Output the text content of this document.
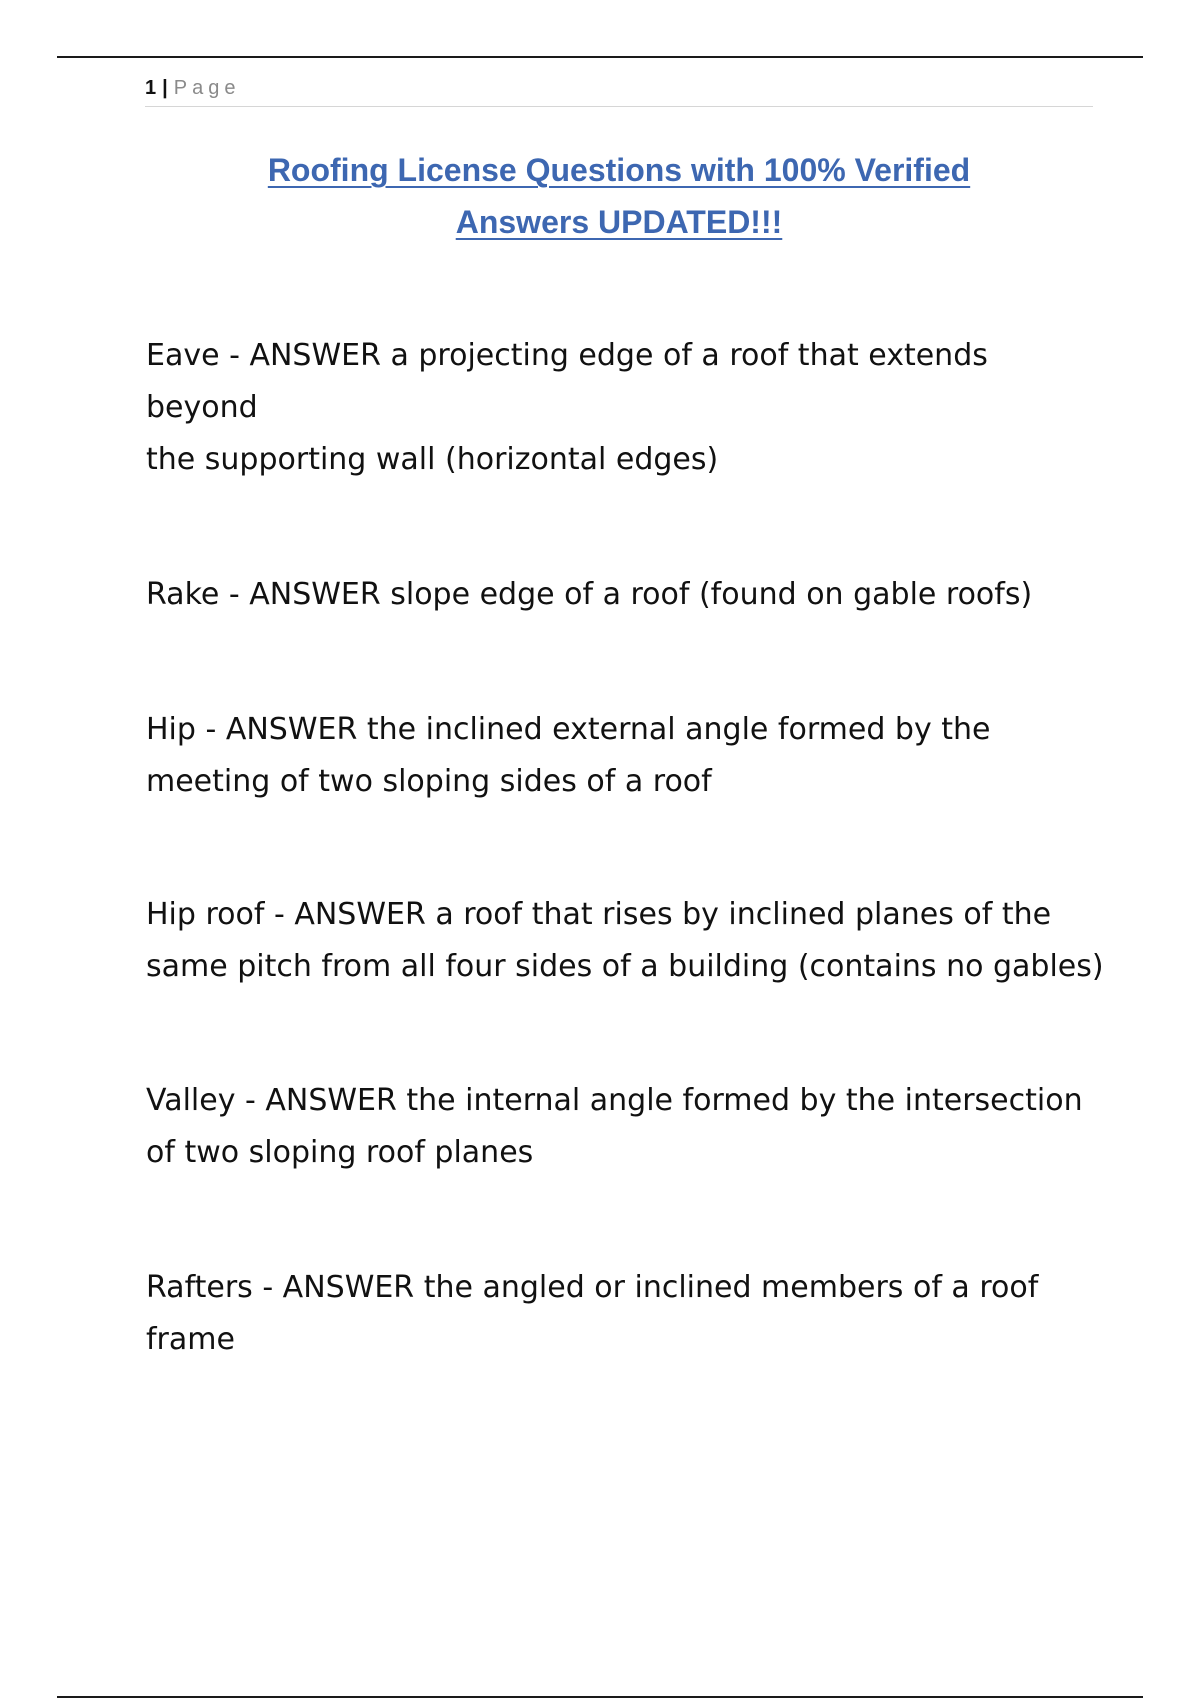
1 | Page
Roofing License Questions with 100% Verified
Answers UPDATED!!!

Eave - ANSWER a projecting edge of a roof that extends beyond
the supporting wall (horizontal edges)

Rake - ANSWER slope edge of a roof (found on gable roofs)

Hip - ANSWER the inclined external angle formed by the
meeting of two sloping sides of a roof

Hip roof - ANSWER a roof that rises by inclined planes of the
same pitch from all four sides of a building (contains no gables)

Valley - ANSWER the internal angle formed by the intersection
of two sloping roof planes

Rafters - ANSWER the angled or inclined members of a roof
frame
